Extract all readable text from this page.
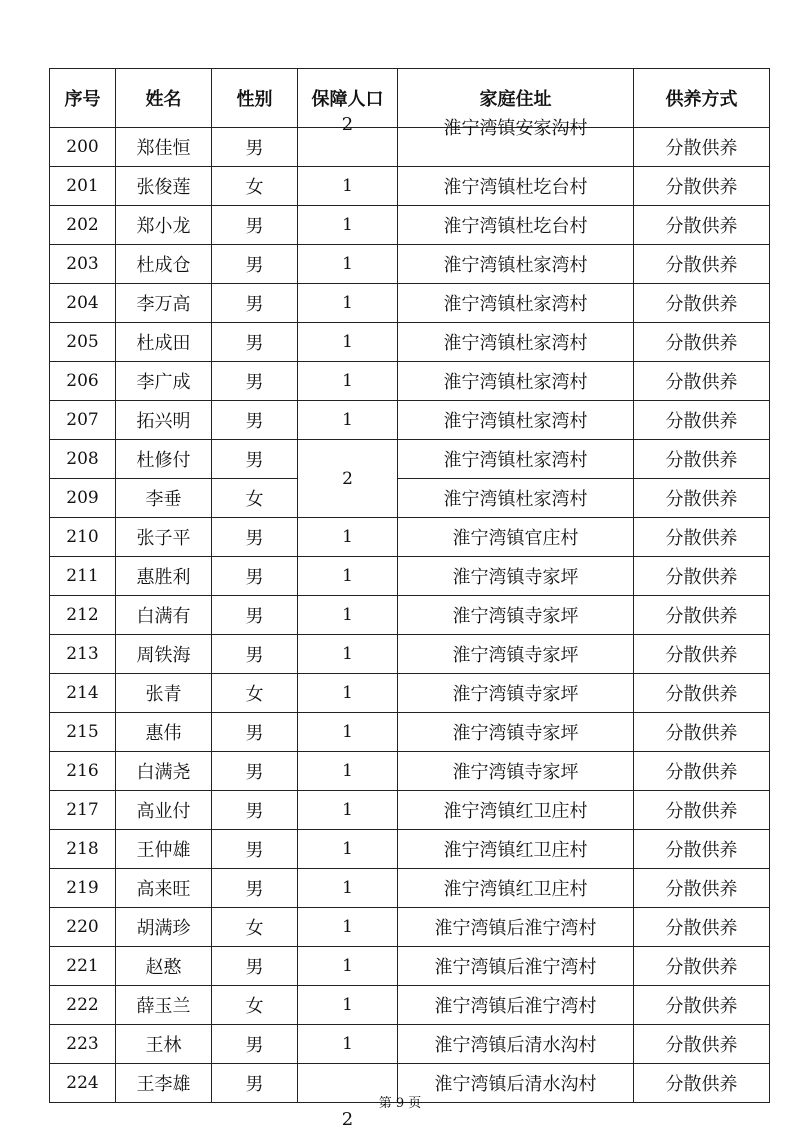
序号	姓名	性别	保障人口	家庭住址	供养方式
200	郑佳恒	男	2	淮宁湾镇安家沟村	分散供养
201	张俊莲	女	1	淮宁湾镇杜圪台村	分散供养
202	郑小龙	男	1	淮宁湾镇杜圪台村	分散供养
203	杜成仓	男	1	淮宁湾镇杜家湾村	分散供养
204	李万高	男	1	淮宁湾镇杜家湾村	分散供养
205	杜成田	男	1	淮宁湾镇杜家湾村	分散供养
206	李广成	男	1	淮宁湾镇杜家湾村	分散供养
207	拓兴明	男	1	淮宁湾镇杜家湾村	分散供养
208	杜修付	男	2	淮宁湾镇杜家湾村	分散供养
209	李垂	女		淮宁湾镇杜家湾村	分散供养
210	张子平	男	1	淮宁湾镇官庄村	分散供养
211	惠胜利	男	1	淮宁湾镇寺家坪	分散供养
212	白满有	男	1	淮宁湾镇寺家坪	分散供养
213	周铁海	男	1	淮宁湾镇寺家坪	分散供养
214	张青	女	1	淮宁湾镇寺家坪	分散供养
215	惠伟	男	1	淮宁湾镇寺家坪	分散供养
216	白满尧	男	1	淮宁湾镇寺家坪	分散供养
217	高业付	男	1	淮宁湾镇红卫庄村	分散供养
218	王仲雄	男	1	淮宁湾镇红卫庄村	分散供养
219	高来旺	男	1	淮宁湾镇红卫庄村	分散供养
220	胡满珍	女	1	淮宁湾镇后淮宁湾村	分散供养
221	赵憨	男	1	淮宁湾镇后淮宁湾村	分散供养
222	薛玉兰	女	1	淮宁湾镇后淮宁湾村	分散供养
223	王林	男	1	淮宁湾镇后清水沟村	分散供养
224	王李雄	男	2	淮宁湾镇后清水沟村	分散供养
第 9 页
